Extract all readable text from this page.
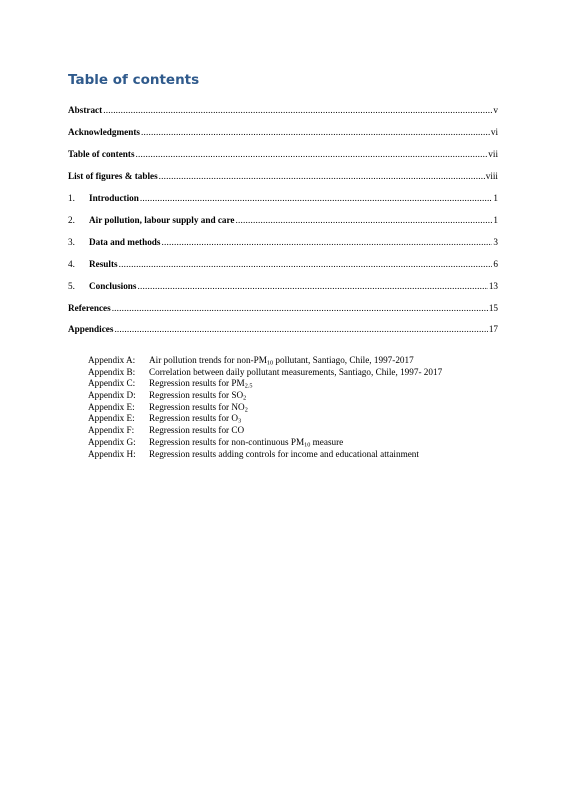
Table of contents
Abstract .....	v
Acknowledgments .....	vi
Table of contents .....	vii
List of figures & tables .....	viii
1.	Introduction .....	1
2.	Air pollution, labour supply and care .....	1
3.	Data and methods .....	3
4.	Results .....	6
5.	Conclusions .....	13
References .....	15
Appendices .....	17
Appendix A:	Air pollution trends for non-$PM_{10}$ pollutant, Santiago, Chile, 1997-2017
Appendix B:	Correlation between daily pollutant measurements, Santiago, Chile, 1997- 2017
Appendix C:	Regression results for $PM_{2.5}$
Appendix D:	Regression results for $SO_2$
Appendix E:	Regression results for $NO_2$
Appendix E:	Regression results for $O_3$
Appendix F:	Regression results for CO
Appendix G:	Regression results for non-continuous $PM_{10}$ measure
Appendix H:	Regression results adding controls for income and educational attainment
